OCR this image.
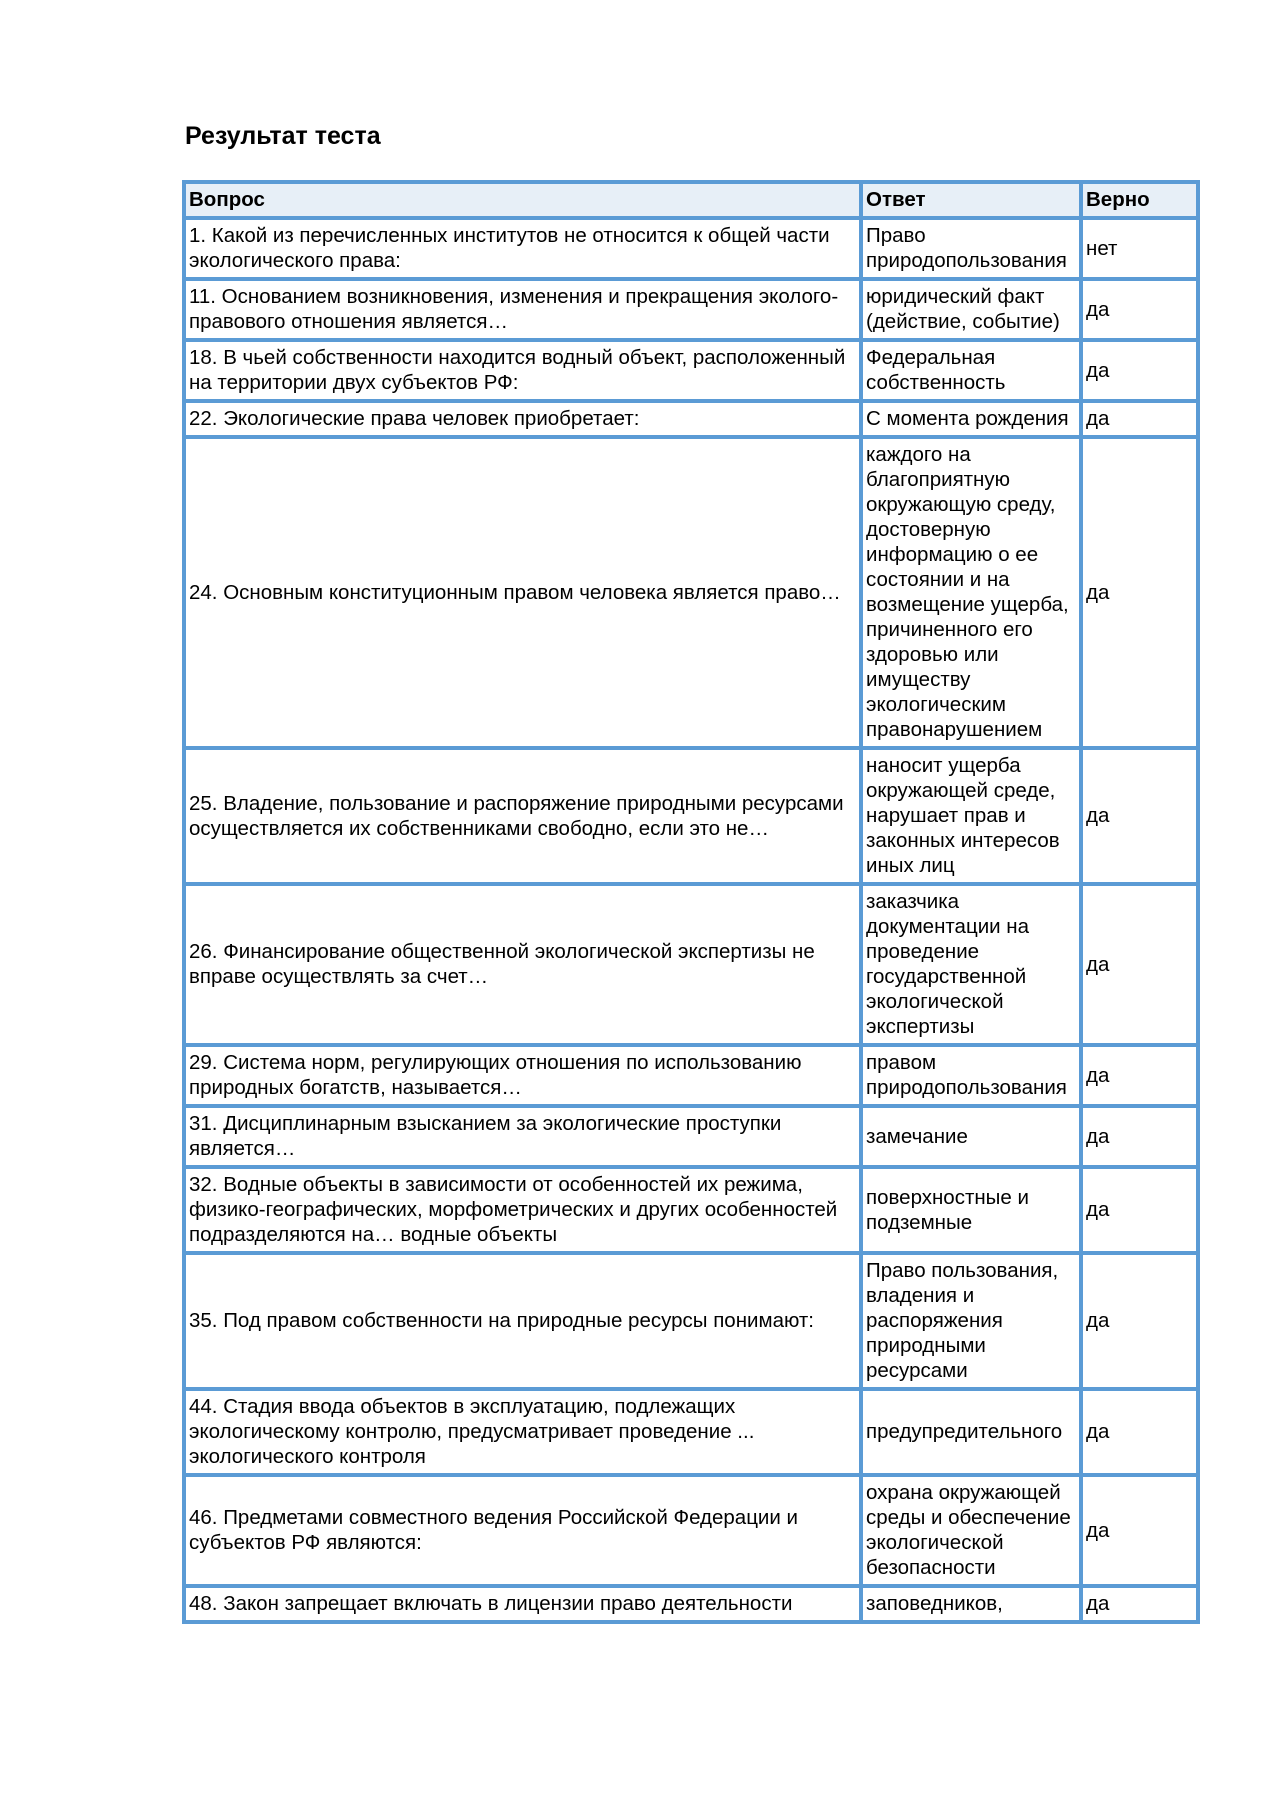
Результат теста
Вопрос	Ответ	Верно
1. Какой из перечисленных институтов не относится к общей части экологического права:	Право природопользования	нет
11. Основанием возникновения, изменения и прекращения эколого-правового отношения является…	юридический факт (действие, событие)	да
18. В чьей собственности находится водный объект, расположенный на территории двух субъектов РФ:	Федеральная собственность	да
22. Экологические права человек приобретает:	С момента рождения	да
24. Основным конституционным правом человека является право…	каждого на благоприятную окружающую среду, достоверную информацию о ее состоянии и на возмещение ущерба, причиненного его здоровью или имуществу экологическим правонарушением	да
25. Владение, пользование и распоряжение природными ресурсами осуществляется их собственниками свободно, если это не…	наносит ущерба окружающей среде, нарушает прав и законных интересов иных лиц	да
26. Финансирование общественной экологической экспертизы не вправе осуществлять за счет…	заказчика документации на проведение государственной экологической экспертизы	да
29. Система норм, регулирующих отношения по использованию природных богатств, называется…	правом природопользования	да
31. Дисциплинарным взысканием за экологические проступки является…	замечание	да
32. Водные объекты в зависимости от особенностей их режима, физико-географических, морфометрических и других особенностей подразделяются на… водные объекты	поверхностные и подземные	да
35. Под правом собственности на природные ресурсы понимают:	Право пользования, владения и распоряжения природными ресурсами	да
44. Стадия ввода объектов в эксплуатацию, подлежащих экологическому контролю, предусматривает проведение ... экологического контроля	предупредительного	да
46. Предметами совместного ведения Российской Федерации и субъектов РФ являются:	охрана окружающей среды и обеспечение экологической безопасности	да
48. Закон запрещает включать в лицензии право деятельности	заповедников,	да
